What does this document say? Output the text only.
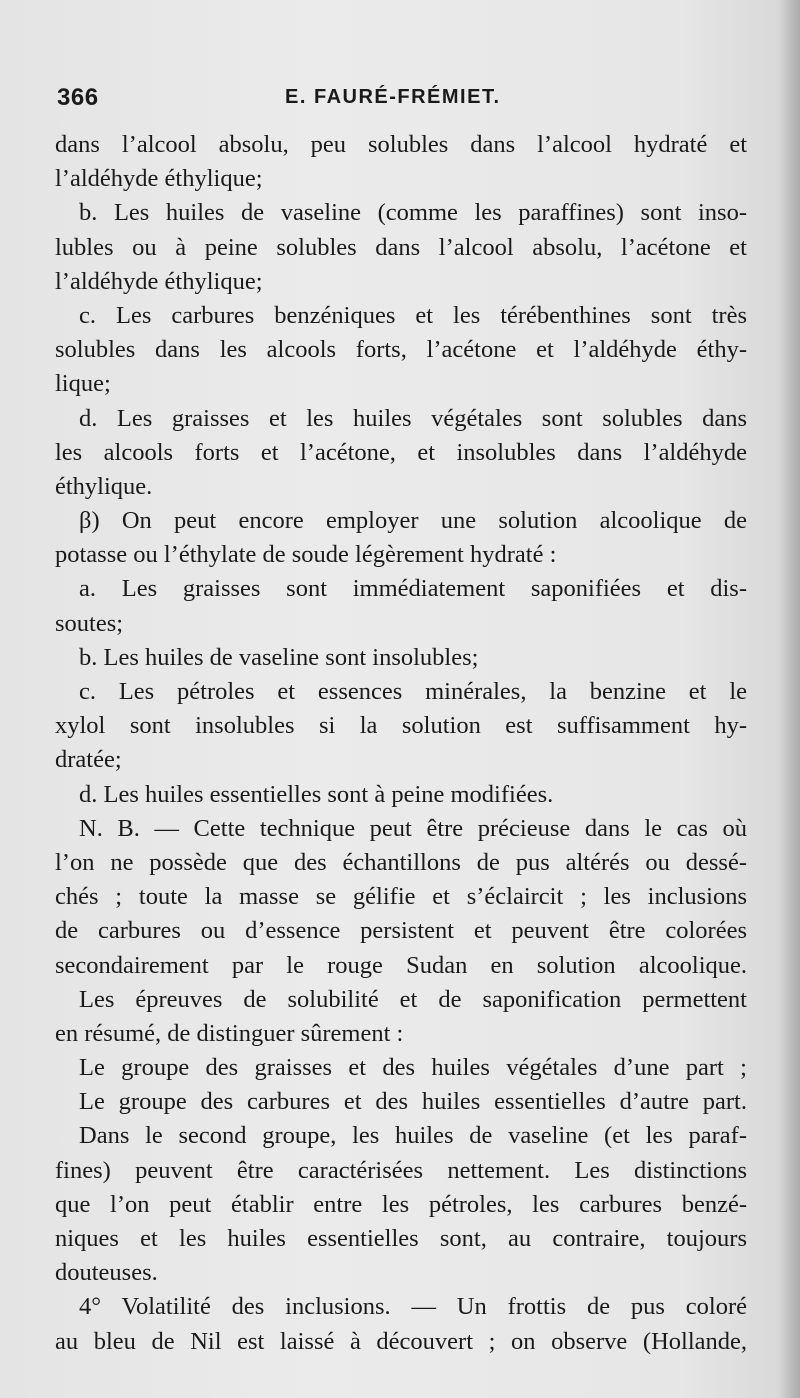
366	E. FAURÉ-FRÉMIET.
dans l’alcool absolu, peu solubles dans l’alcool hydraté et
l’aldéhyde éthylique;
b. Les huiles de vaseline (comme les paraffines) sont inso-
lubles ou à peine solubles dans l’alcool absolu, l’acétone et
l’aldéhyde éthylique;
c. Les carbures benzéniques et les térébenthines sont très
solubles dans les alcools forts, l’acétone et l’aldéhyde éthy-
lique;
d. Les graisses et les huiles végétales sont solubles dans
les alcools forts et l’acétone, et insolubles dans l’aldéhyde
éthylique.
β) On peut encore employer une solution alcoolique de
potasse ou l’éthylate de soude légèrement hydraté :
a. Les graisses sont immédiatement saponifiées et dis-
soutes;
b. Les huiles de vaseline sont insolubles;
c. Les pétroles et essences minérales, la benzine et le
xylol sont insolubles si la solution est suffisamment hy-
dratée;
d. Les huiles essentielles sont à peine modifiées.
N. B. — Cette technique peut être précieuse dans le cas où
l’on ne possède que des échantillons de pus altérés ou dessé-
chés ; toute la masse se gélifie et s’éclaircit ; les inclusions
de carbures ou d’essence persistent et peuvent être colorées
secondairement par le rouge Sudan en solution alcoolique.
Les épreuves de solubilité et de saponification permettent
en résumé, de distinguer sûrement :
Le groupe des graisses et des huiles végétales d’une part ;
Le groupe des carbures et des huiles essentielles d’autre part.
Dans le second groupe, les huiles de vaseline (et les paraf-
fines) peuvent être caractérisées nettement. Les distinctions
que l’on peut établir entre les pétroles, les carbures benzé-
niques et les huiles essentielles sont, au contraire, toujours
douteuses.
4° Volatilité des inclusions. — Un frottis de pus coloré
au bleu de Nil est laissé à découvert ; on observe (Hollande,
